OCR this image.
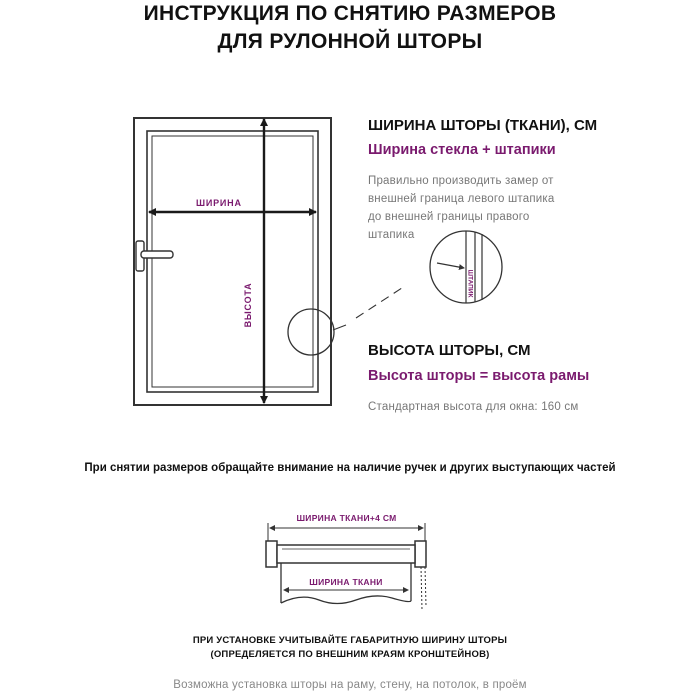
ИНСТРУКЦИЯ ПО СНЯТИЮ РАЗМЕРОВ
ДЛЯ РУЛОННОЙ ШТОРЫ
ШИРИНА
ВЫСОТА	ШТАПИК
ШИРИНА ШТОРЫ (ТКАНИ), СМ
Ширина стекла + штапики
Правильно производить замер от
внешней граница левого штапика
до внешней границы правого
штапика
ВЫСОТА ШТОРЫ, СМ
Высота шторы = высота рамы
Стандартная высота для окна: 160 см
При снятии размеров обращайте внимание на наличие ручек и других выступающих частей
ШИРИНА ТКАНИ+4 СМ
ШИРИНА ТКАНИ
ПРИ УСТАНОВКЕ УЧИТЫВАЙТЕ ГАБАРИТНУЮ ШИРИНУ ШТОРЫ
(ОПРЕДЕЛЯЕТСЯ ПО ВНЕШНИМ КРАЯМ КРОНШТЕЙНОВ)
Возможна установка шторы на раму, стену, на потолок, в проём
